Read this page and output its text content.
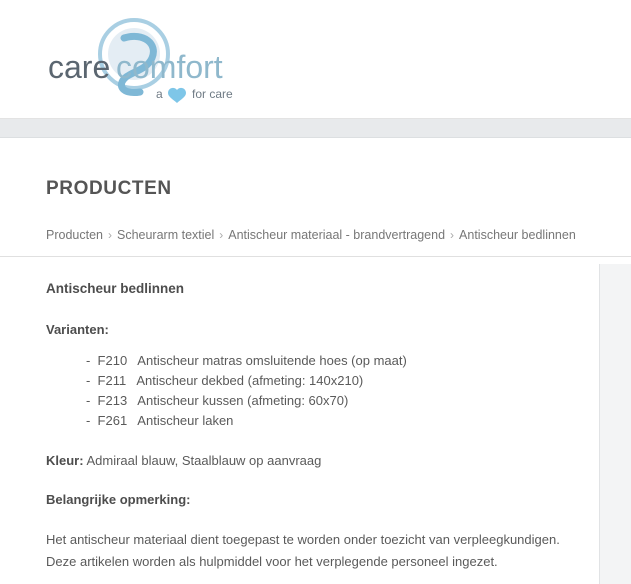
care comfort
a for care
PRODUCTEN
Producten › Scheurarm textiel › Antischeur materiaal - brandvertragend › Antischeur bedlinnen
Antischeur bedlinnen
Varianten:
-  F210   Antischeur matras omsluitende hoes (op maat)
-  F211   Antischeur dekbed (afmeting: 140x210)
-  F213   Antischeur kussen (afmeting: 60x70)
-  F261   Antischeur laken
Kleur: Admiraal blauw, Staalblauw op aanvraag
Belangrijke opmerking:
Het antischeur materiaal dient toegepast te worden onder toezicht van verpleegkundigen. Deze artikelen worden als hulpmiddel voor het verplegende personeel ingezet.
